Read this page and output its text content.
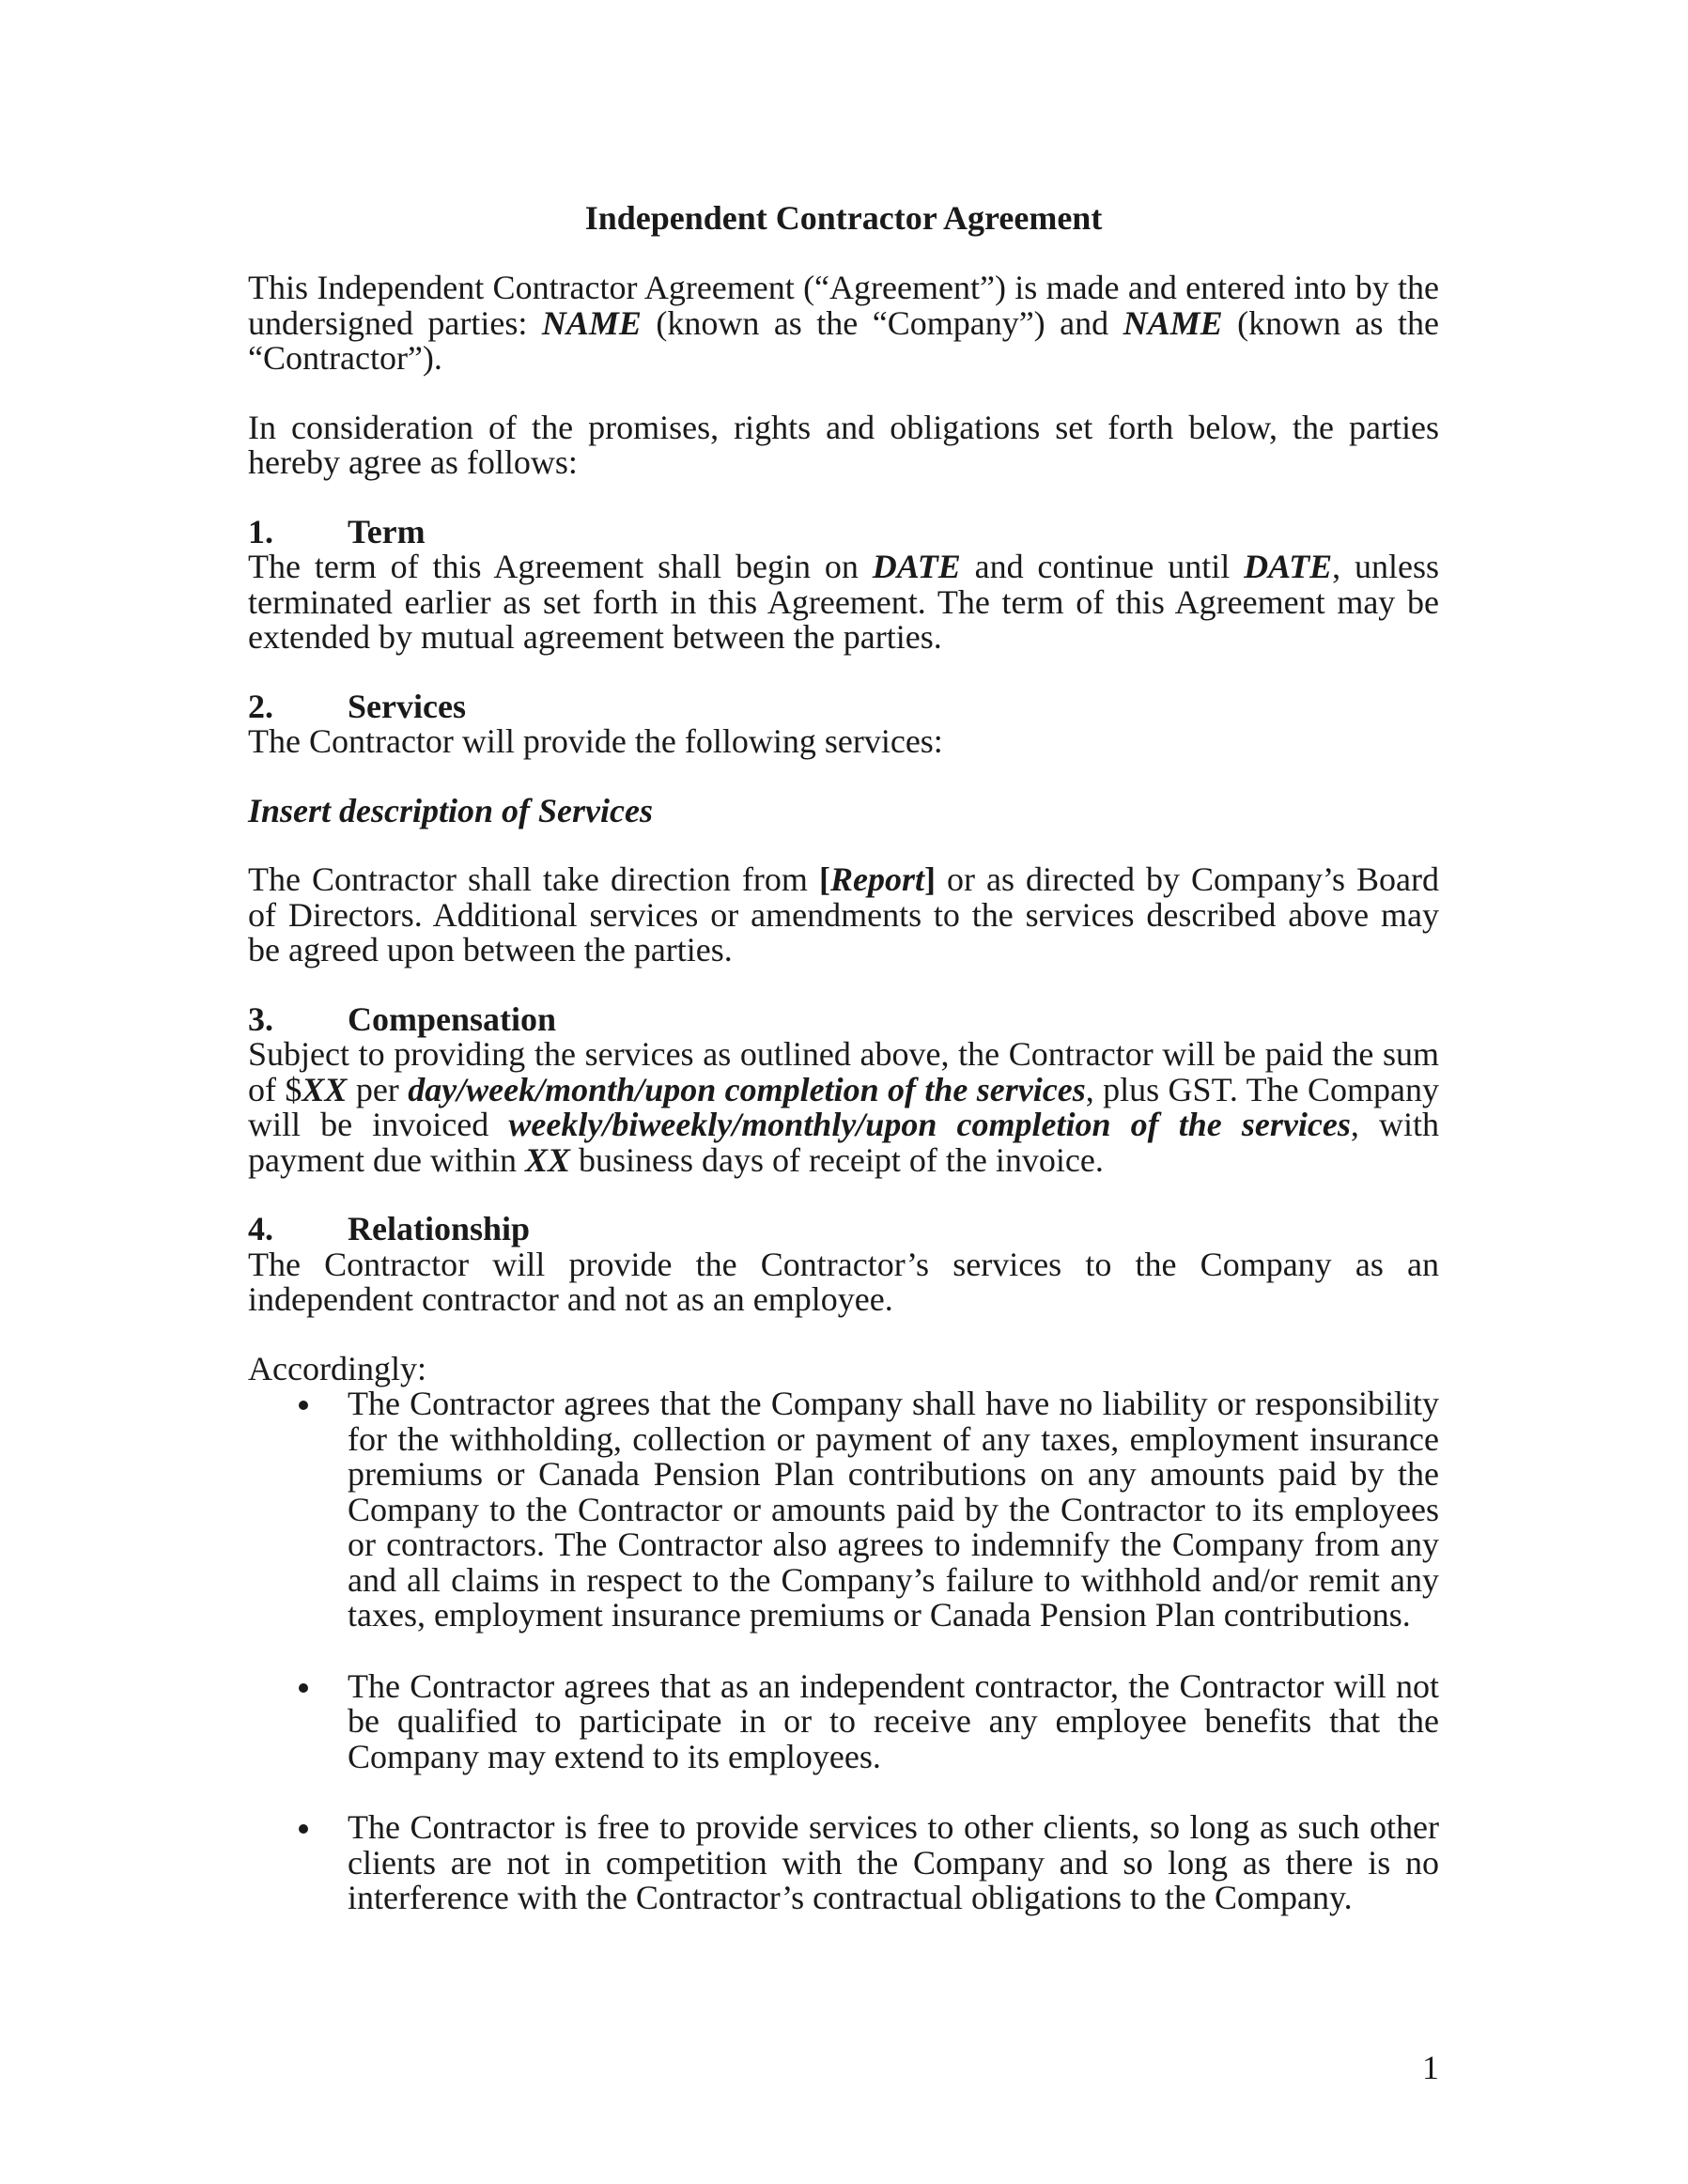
Independent Contractor Agreement

This Independent Contractor Agreement (“Agreement”) is made and entered into by the undersigned parties: NAME (known as the “Company”) and NAME (known as the “Contractor”).

In consideration of the promises, rights and obligations set forth below, the parties hereby agree as follows:

1.	Term

The term of this Agreement shall begin on DATE and continue until DATE, unless terminated earlier as set forth in this Agreement. The term of this Agreement may be extended by mutual agreement between the parties.

2.	Services

The Contractor will provide the following services:

Insert description of Services

The Contractor shall take direction from [Report] or as directed by Company’s Board of Directors. Additional services or amendments to the services described above may be agreed upon between the parties.

3.	Compensation

Subject to providing the services as outlined above, the Contractor will be paid the sum of $XX per day/week/month/upon completion of the services, plus GST. The Company will be invoiced weekly/biweekly/monthly/upon completion of the services, with payment due within XX business days of receipt of the invoice.

4.	Relationship

The Contractor will provide the Contractor’s services to the Company as an independent contractor and not as an employee.

Accordingly:

The Contractor agrees that the Company shall have no liability or responsibility for the withholding, collection or payment of any taxes, employment insurance premiums or Canada Pension Plan contributions on any amounts paid by the Company to the Contractor or amounts paid by the Contractor to its employees or contractors. The Contractor also agrees to indemnify the Company from any and all claims in respect to the Company’s failure to withhold and/or remit any taxes, employment insurance premiums or Canada Pension Plan contributions.
The Contractor agrees that as an independent contractor, the Contractor will not be qualified to participate in or to receive any employee benefits that the Company may extend to its employees.
The Contractor is free to provide services to other clients, so long as such other clients are not in competition with the Company and so long as there is no interference with the Contractor’s contractual obligations to the Company.
1
